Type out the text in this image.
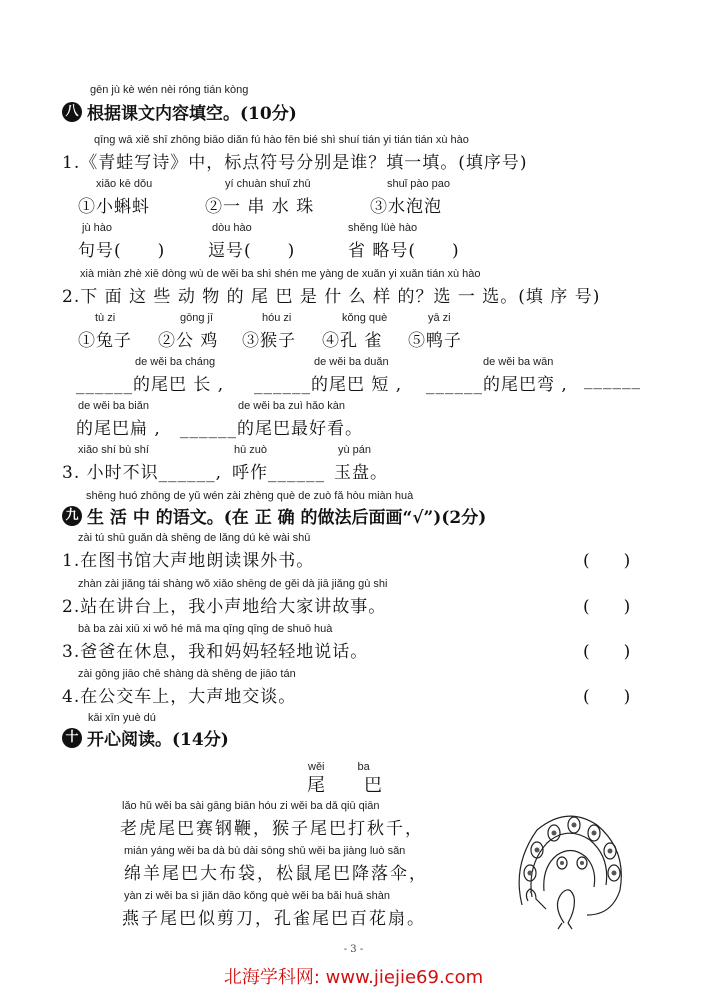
gēn jù kè wén nèi róng tián kòng
八 根据课文内容填空。(10分)
qīng wā xiě shī zhōng biāo diǎn fú hào fēn bié shì shuí tián yi tián tián xù hào
1.《青蛙写诗》中，标点符号分别是谁？填一填。(填序号)
xiǎo kē dǒu	yí chuàn shuǐ zhū	shuǐ pào pao
①小蝌蚪	②一 串 水 珠	③水泡泡
jù hào	dòu hào	shěng lüè hào
句号(　　)	逗号(　　)	省 略号(　　)
xià miàn zhè xiē dòng wù de wěi ba shì shén me yàng de xuǎn yi xuǎn tián xù hào
2.下 面 这 些 动 物 的 尾 巴 是 什 么 样 的？选 一 选。(填 序 号)
tù zi	gōng jī	hóu zi	kǒng què	yā zi
①兔子 ②公 鸡 ③猴子 ④孔 雀 ⑤鸭子
de wěi ba cháng	de wěi ba duǎn	de wěi ba wān
______的尾巴 长 , ______的尾巴 短 , ______的尾巴弯 , ______
de wěi ba biǎn	de wěi ba zuì hǎo kàn
的尾巴扁 , ______的尾巴最好看。
xiǎo shí bù shí	hū zuò	yù pán
3. 小时不识______, 呼作______ 玉盘。
shēng huó zhōng de yǔ wén zài zhèng què de zuò fǎ hòu miàn huà
九 生 活 中 的语文。(在 正 确 的做法后面画“√”)(2分)
zài tú shū guǎn dà shēng de lǎng dú kè wài shū
1.在图书馆大声地朗读课外书。	(　　)
zhàn zài jiǎng tái shàng wǒ xiǎo shēng de gěi dà jiā jiǎng gù shi
2.站在讲台上，我小声地给大家讲故事。	(　　)
bà ba zài xiū xi wǒ hé mā ma qīng qīng de shuō huà
3.爸爸在休息，我和妈妈轻轻地说话。	(　　)
zài gōng jiāo chē shàng dà shēng de jiāo tán
4.在公交车上，大声地交谈。	(　　)
kāi xīn yuè dú
十 开心阅读。(14分)
wěi　　　ba
尾　　巴
lǎo hǔ wěi ba sài gāng biān hóu zi wěi ba dǎ qiū qiān
老虎尾巴赛钢鞭，猴子尾巴打秋千，
mián yáng wěi ba dà bù dài sōng shǔ wěi ba jiàng luò sǎn
绵羊尾巴大布袋，松鼠尾巴降落伞，
yàn zi wěi ba sì jiǎn dāo kǒng què wěi ba bǎi huā shàn
燕子尾巴似剪刀，孔雀尾巴百花扇。
- 3 -
北海学科网: www.jiejie69.com
